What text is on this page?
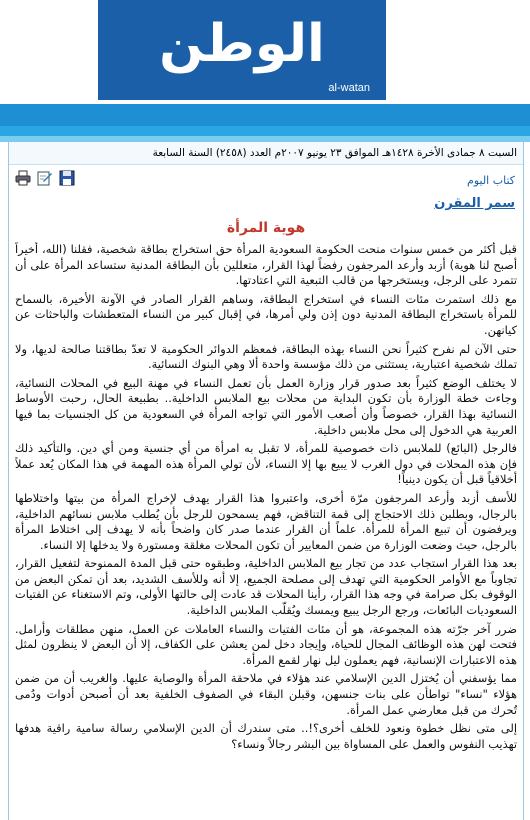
الوطن
al-watan
السبت ٨ جمادى الأخرة ١٤٢٨هـ الموافق ٢٣ يونيو ٢٠٠٧م العدد (٢٤٥٨) السنة السابعة
كتاب اليوم
سمر المقرن
هوية المرأة

قبل أكثر من خمس سنوات منحت الحكومة السعودية المرأة حق استخراج بطاقة شخصية، فقلنا (الله، أخيراً أصبح لنا هوية) أزبد وأرعد المرجفون رفضاً لهذا القرار، متعللين بأن البطاقة المدنية ستساعد المرأة على أن تتمرد على الرجل، ويستخرجها من قالب التبعية التي اعتادتها.

مع ذلك استمرت مئات النساء في استخراج البطاقة، وساهم القرار الصادر في الآونة الأخيرة، بالسماح للمرأة باستخراج البطاقة المدنية دون إذن ولي أمرها، في إقبال كبير من النساء المتعطشات والباحثات عن كيانهن.

حتى الآن لم نفرح كثيراً نحن النساء بهذه البطاقة، فمعظم الدوائر الحكومية لا تعدّ بطاقتنا صالحة لديها، ولا تملك شخصية اعتبارية، يستثنى من ذلك مؤسسة واحدة ألا وهي البنوك النسائية.

لا يختلف الوضع كثيراً بعد صدور قرار وزارة العمل بأن تعمل النساء في مهنة البيع في المحلات النسائية، وجاءت خطة الوزارة بأن تكون البداية من محلات بيع الملابس الداخلية.. بطبيعة الحال، رحبت الأوساط النسائية بهذا القرار، خصوصاً وأن أصعب الأمور التي تواجه المرأة في السعودية من كل الجنسيات بما فيها العربية هي الدخول إلى محل ملابس داخلية.

فالرجل (البائع) للملابس ذات خصوصية للمرأة، لا تقبل به امرأة من أي جنسية ومن أي دين. والتأكيد ذلك فإن هذه المحلات في دول الغرب لا يبيع بها إلا النساء، لأن تولي المرأة هذه المهمة في هذا المكان يُعد عملاً أخلاقياً قبل أن يكون دينياً!

للأسف أزبد وأرعد المرجفون مرّة أخرى، واعتبروا هذا القرار يهدف لإخراج المرأة من بيتها واختلاطها بالرجال، وبطلبن ذلك الاحتجاج إلى قمة التناقض، فهم يسمحون للرجل بأن يُطلب ملابس نسائهم الداخلية، ويرفضون أن تبيع المرأة للمرأة. علماً أن القرار عندما صدر كان واضحاً بأنه لا يهدف إلى اختلاط المرأة بالرجل، حيث وضعت الوزارة من ضمن المعايير أن تكون المحلات مغلقة ومستورة ولا يدخلها إلا النساء.

بعد هذا القرار استجاب عدد من تجار بيع الملابس الداخلية، وطبقوه حتى قبل المدة الممنوحة لتفعيل القرار، تجاوباً مع الأوامر الحكومية التي تهدف إلى مصلحة الجميع، إلا أنه وللأسف الشديد، بعد أن تمكن البعض من الوقوف بكل صرامة في وجه هذا القرار، رأينا المحلات قد عادت إلى حالتها الأولى، وتم الاستغناء عن الفتيات السعوديات البائعات، ورجع الرجل يبيع ويمسك ويُقلّب الملابس الداخلية.

ضرر آخر جرّته هذه المجموعة، هو أن مئات الفتيات والنساء العاملات عن العمل، منهن مطلقات وأرامل. فتحت لهن هذه الوظائف المجال للحياة، وإيجاد دخل لمن يعشن على الكفاف، إلا أن البعض لا ينظرون لمثل هذه الاعتبارات الإنسانية، فهم يعملون ليل نهار لقمع المرأة.

مما يؤسفني أن يُختزل الدين الإسلامي عند هؤلاء في ملاحقة المرأة والوصاية عليها. والغريب أن من ضمن هؤلاء "نساء" تواطأن على بنات جنسهن، وقبلن البقاء في الصفوف الخلفية بعد أن أصبحن أدوات ودُمى تُحرك من قبل معارضي عمل المرأة.

إلى متى نظل خطوة ونعود للخلف أخرى؟!.. متى سندرك أن الدين الإسلامي رسالة سامية راقية هدفها تهذيب النفوس والعمل على المساواة بين البشر رجالاً ونساء؟
